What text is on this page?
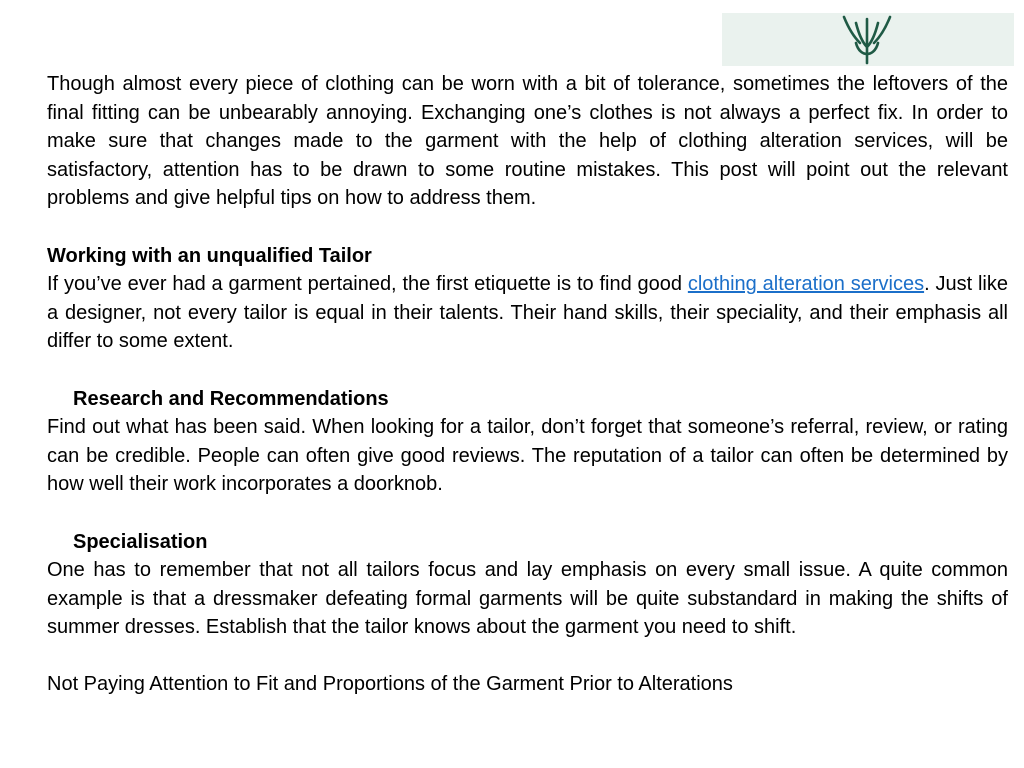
Though almost every piece of clothing can be worn with a bit of tolerance, sometimes the leftovers of the final fitting can be unbearably annoying. Exchanging one’s clothes is not always a perfect fix. In order to make sure that changes made to the garment with the help of clothing alteration services, will be satisfactory, attention has to be drawn to some routine mistakes. This post will point out the relevant problems and give helpful tips on how to address them.

Working with an unqualified Tailor

If you’ve ever had a garment pertained, the first etiquette is to find good clothing alteration services. Just like a designer, not every tailor is equal in their talents. Their hand skills, their speciality, and their emphasis all differ to some extent.

Research and Recommendations

Find out what has been said. When looking for a tailor, don’t forget that someone’s referral, review, or rating can be credible. People can often give good reviews. The reputation of a tailor can often be determined by how well their work incorporates a doorknob.

Specialisation

One has to remember that not all tailors focus and lay emphasis on every small issue. A quite common example is that a dressmaker defeating formal garments will be quite substandard in making the shifts of summer dresses. Establish that the tailor knows about the garment you need to shift.

Not Paying Attention to Fit and Proportions of the Garment Prior to Alterations
